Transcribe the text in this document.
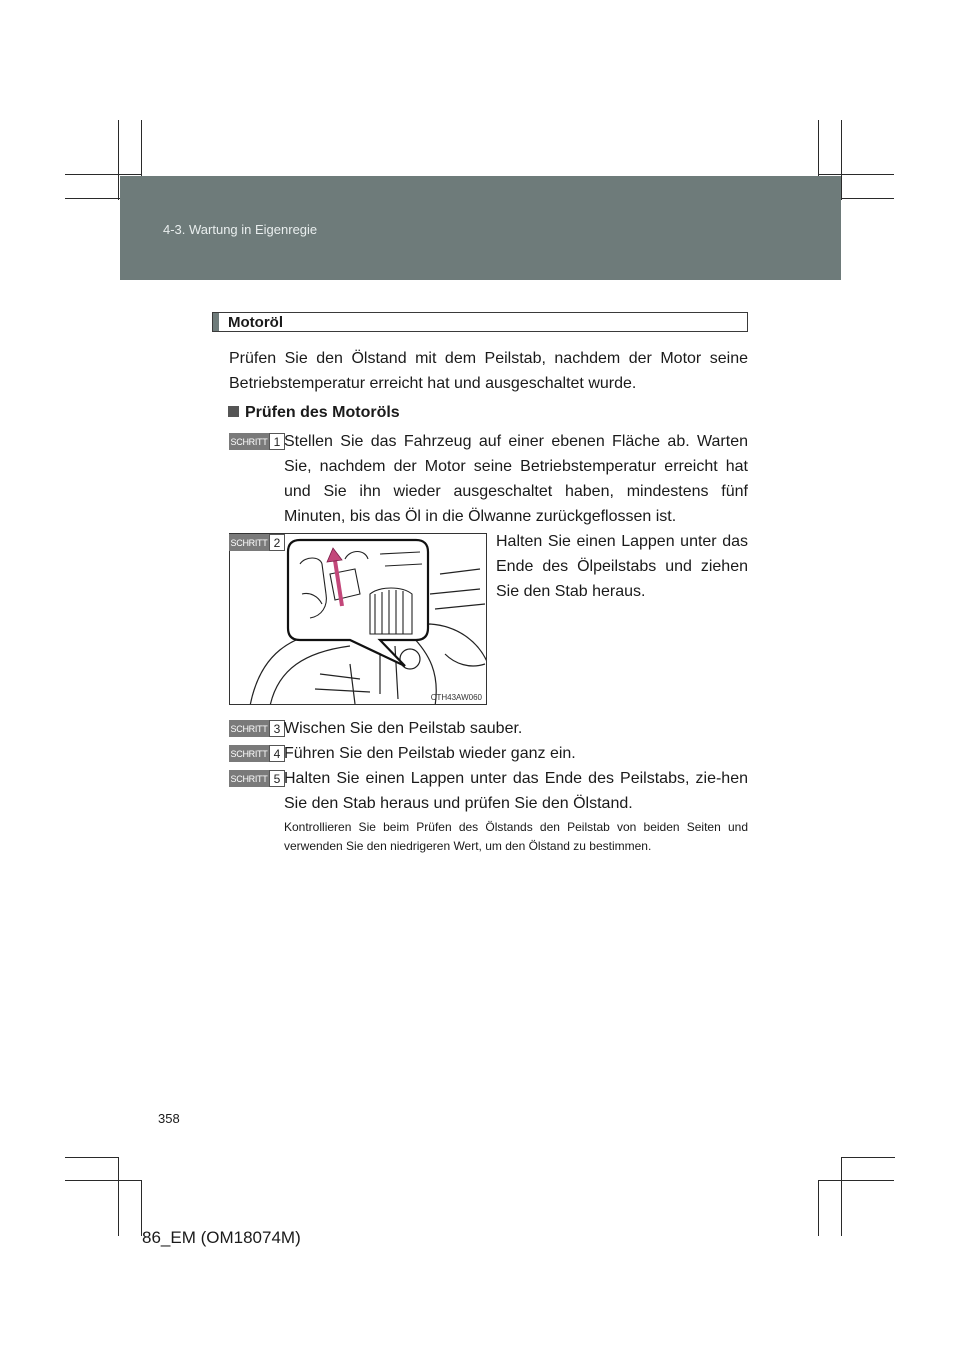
4-3. Wartung in Eigenregie
Motoröl
Prüfen Sie den Ölstand mit dem Peilstab, nachdem der Motor seine Betriebstemperatur erreicht hat und ausgeschaltet wurde.
Prüfen des Motoröls
SCHRITT 1 Stellen Sie das Fahrzeug auf einer ebenen Fläche ab. Warten Sie, nachdem der Motor seine Betriebstemperatur erreicht hat und Sie ihn wieder ausgeschaltet haben, mindestens fünf Minuten, bis das Öl in die Ölwanne zurückgeflossen ist.
SCHRITT 2
CTH43AW060
Halten Sie einen Lappen unter das Ende des Ölpeilstabs und ziehen Sie den Stab heraus.
SCHRITT 3 Wischen Sie den Peilstab sauber.
SCHRITT 4 Führen Sie den Peilstab wieder ganz ein.
SCHRITT 5 Halten Sie einen Lappen unter das Ende des Peilstabs, zie-hen Sie den Stab heraus und prüfen Sie den Ölstand.
Kontrollieren Sie beim Prüfen des Ölstands den Peilstab von beiden Seiten und verwenden Sie den niedrigeren Wert, um den Ölstand zu bestimmen.
358
86_EM (OM18074M)
